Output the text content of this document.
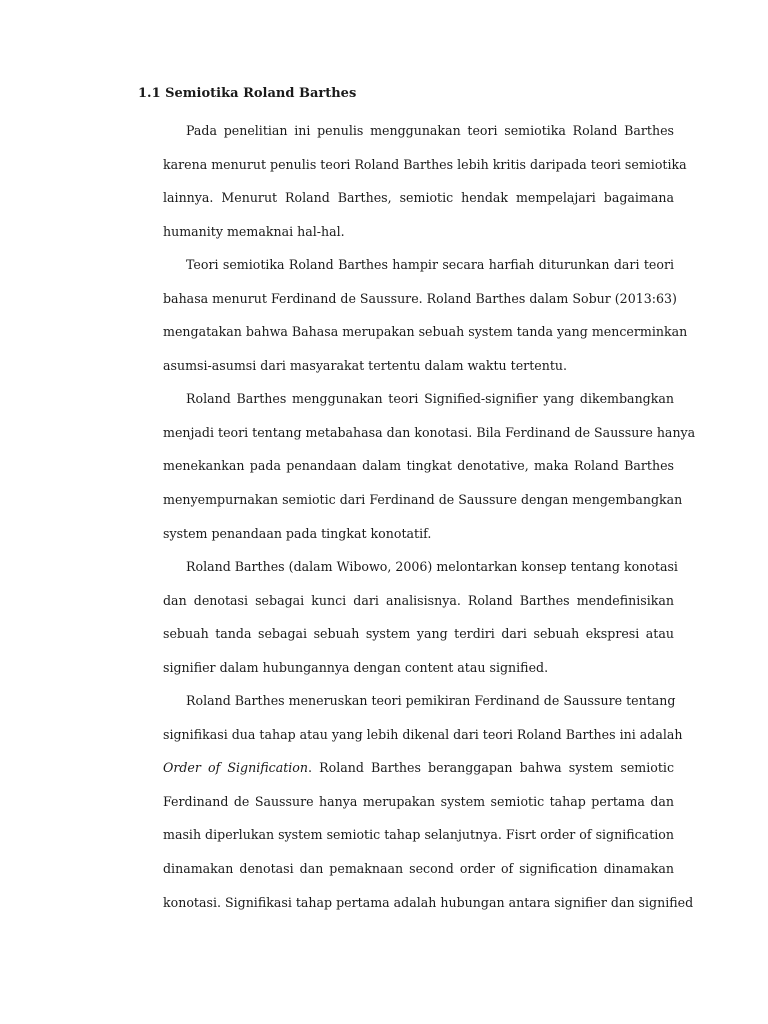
1.1 Semiotika Roland Barthes

Pada penelitian ini penulis menggunakan teori semiotika Roland Barthes
karena menurut penulis teori Roland Barthes lebih kritis daripada teori semiotika
lainnya. Menurut Roland Barthes, semiotic hendak mempelajari bagaimana
humanity memaknai hal-hal.

Teori semiotika Roland Barthes hampir secara harfiah diturunkan dari teori
bahasa menurut Ferdinand de Saussure. Roland Barthes dalam Sobur (2013:63)
mengatakan bahwa Bahasa merupakan sebuah system tanda yang mencerminkan
asumsi-asumsi dari masyarakat tertentu dalam waktu tertentu.

Roland Barthes menggunakan teori Signified-signifier yang dikembangkan
menjadi teori tentang metabahasa dan konotasi. Bila Ferdinand de Saussure hanya
menekankan pada penandaan dalam tingkat denotative, maka Roland Barthes
menyempurnakan semiotic dari Ferdinand de Saussure dengan mengembangkan
system penandaan pada tingkat konotatif.

Roland Barthes (dalam Wibowo, 2006) melontarkan konsep tentang konotasi
dan denotasi sebagai kunci dari analisisnya. Roland Barthes mendefinisikan
sebuah tanda sebagai sebuah system yang terdiri dari sebuah ekspresi atau
signifier dalam hubungannya dengan content atau signified.

Roland Barthes meneruskan teori pemikiran Ferdinand de Saussure tentang
signifikasi dua tahap atau yang lebih dikenal dari teori Roland Barthes ini adalah
Order of Signification. Roland Barthes beranggapan bahwa system semiotic
Ferdinand de Saussure hanya merupakan system semiotic tahap pertama dan
masih diperlukan system semiotic tahap selanjutnya. Fisrt order of signification
dinamakan denotasi dan pemaknaan second order of signification dinamakan
konotasi. Signifikasi tahap pertama adalah hubungan antara signifier dan signified
